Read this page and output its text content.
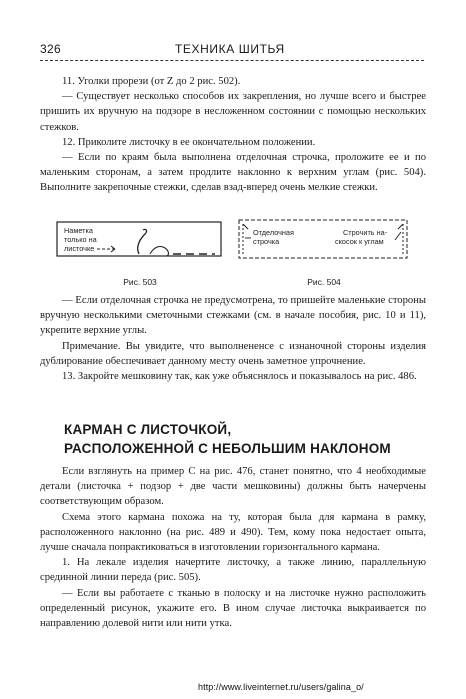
326	ТЕХНИКА ШИТЬЯ

11. Уголки прорези (от Z до 2 рис. 502).

— Существует несколько способов их закрепления, но лучше всего и быстрее пришить их вручную на подзоре в несложенном состоянии с помощью нескольких стежков.

12. Приколите листочку в ее окончательном положении.

— Если по краям была выполнена отделочная строчка, проложите ее и по маленьким сторонам, а затем продлите наклонно к верхним углам (рис. 504). Выполните закрепочные стежки, сделав взад-вперед очень мелкие стежки.

Наметка
только на
листочке
Рис. 503
Отделочная
строчка
Строчить на-
скосок к углам
Рис. 504

— Если отделочная строчка не предусмотрена, то пришейте маленькие стороны вручную несколькими сметочными стежками (см. в начале пособия, рис. 10 и 11), укрепите верхние углы.

Примечание. Вы увидите, что выполнененсе с изнаночной стороны изделия дублирование обеспечивает данному месту очень заметное упрочнение.

13. Закройте мешковину так, как уже объяснялось и показывалось на рис. 486.

КАРМАН С ЛИСТОЧКОЙ,
РАСПОЛОЖЕННОЙ С НЕБОЛЬШИМ НАКЛОНОМ

Если взглянуть на пример С на рис. 476, станет понятно, что 4 необходимые детали (листочка + подзор + две части мешковины) должны быть начерчены соответствующим образом.

Схема этого кармана похожа на ту, которая была для кармана в рамку, расположенного наклонно (на рис. 489 и 490). Тем, кому пока недостает опыта, лучше сначала попрактиковаться в изготовлении горизонтального кармана.

1. На лекале изделия начертите листочку, а также линию, параллельную срединной линии переда (рис. 505).

— Если вы работаете с тканью в полоску и на листочке нужно расположить определенный рисунок, укажите его. В ином случае листочка выкраивается по направлению долевой нити или нити утка.

http://www.liveinternet.ru/users/galina_o/
